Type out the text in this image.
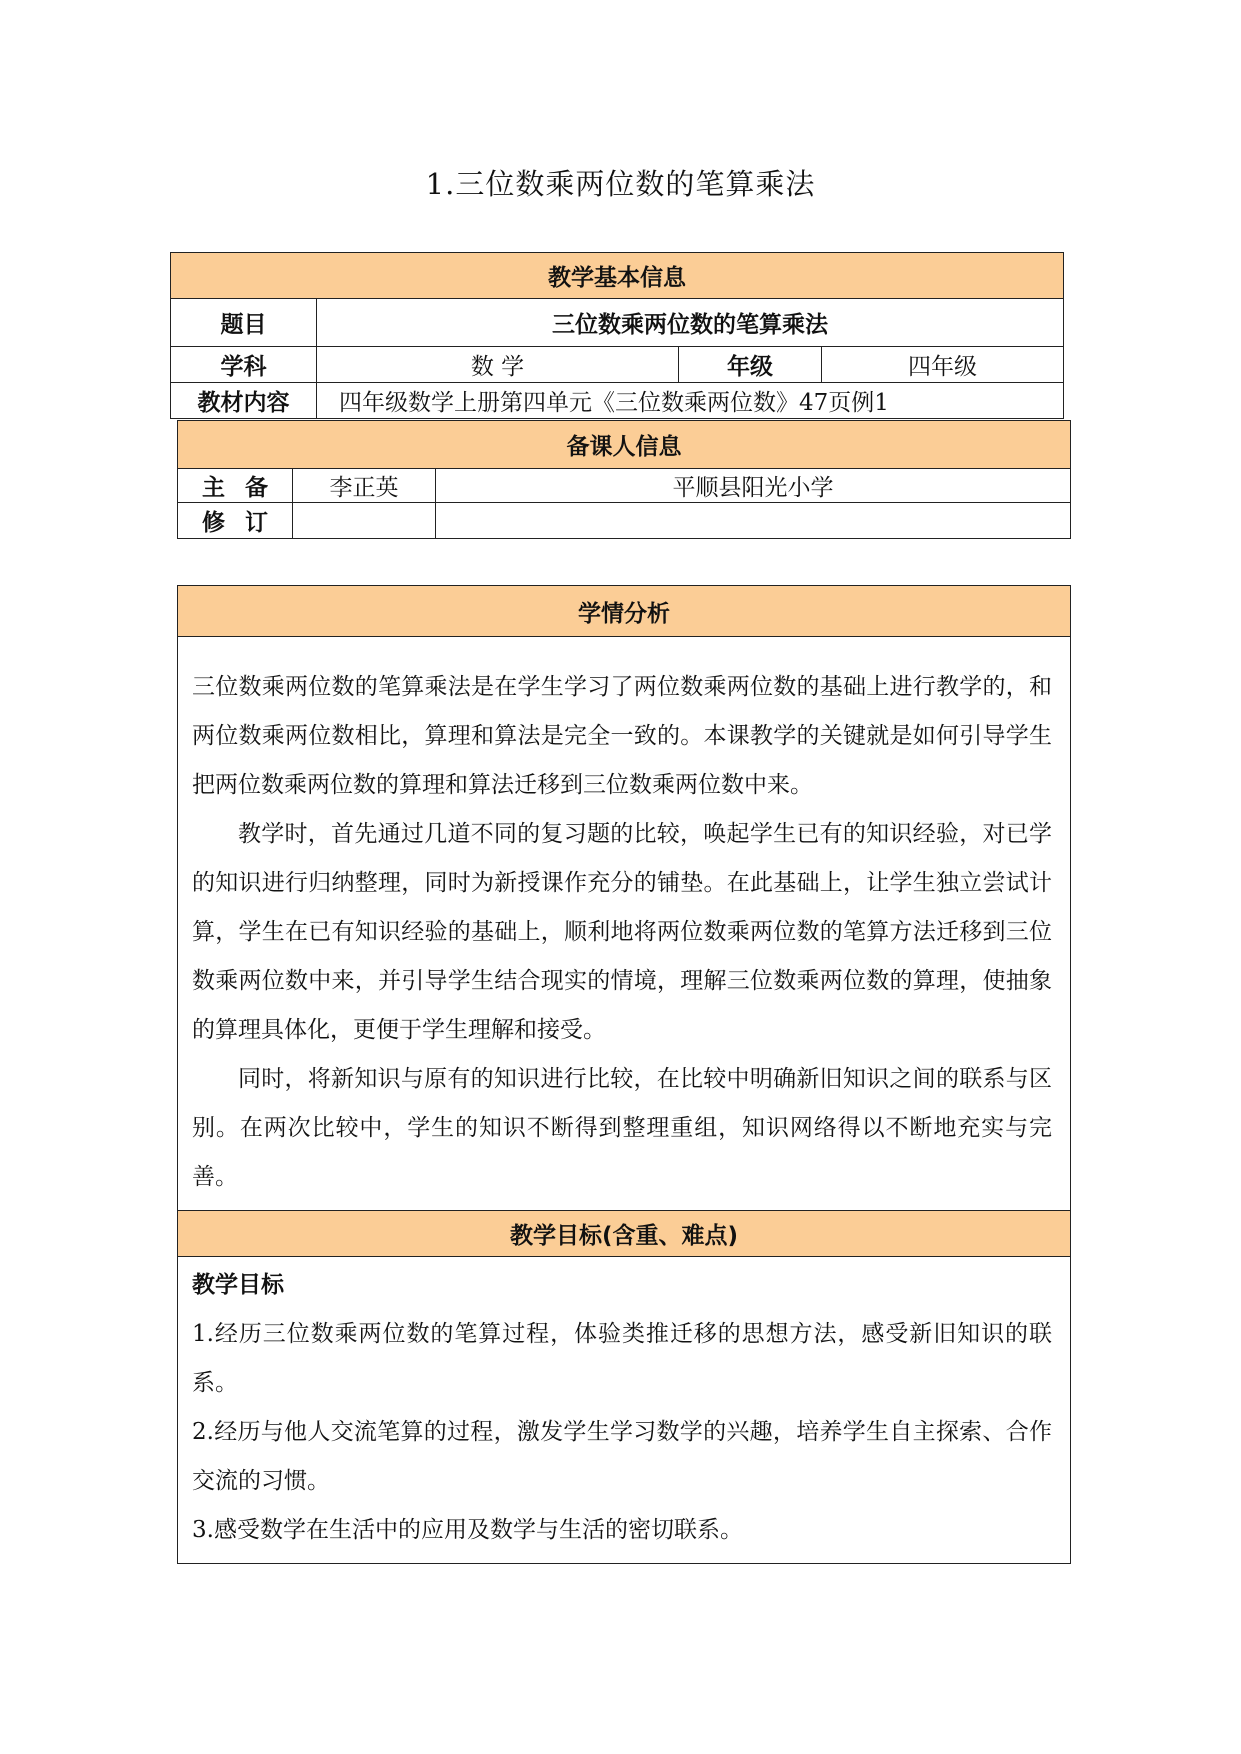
1.三位数乘两位数的笔算乘法
教学基本信息			
题目	三位数乘两位数的笔算乘法		
学科	数 学	年级	四年级
教材内容	四年级数学上册第四单元《三位数乘两位数》47页例1		
备课人信息		
主 备	李正英	平顺县阳光小学
修 订		
学情分析

三位数乘两位数的笔算乘法是在学生学习了两位数乘两位数的基础上进行教学的，和两位数乘两位数相比，算理和算法是完全一致的。本课教学的关键就是如何引导学生把两位数乘两位数的算理和算法迁移到三位数乘两位数中来。

教学时，首先通过几道不同的复习题的比较，唤起学生已有的知识经验，对已学的知识进行归纳整理，同时为新授课作充分的铺垫。在此基础上，让学生独立尝试计算，学生在已有知识经验的基础上，顺利地将两位数乘两位数的笔算方法迁移到三位数乘两位数中来，并引导学生结合现实的情境，理解三位数乘两位数的算理，使抽象的算理具体化，更便于学生理解和接受。

同时，将新知识与原有的知识进行比较，在比较中明确新旧知识之间的联系与区别。在两次比较中，学生的知识不断得到整理重组，知识网络得以不断地充实与完善。

教学目标(含重、难点)

教学目标

1.经历三位数乘两位数的笔算过程，体验类推迁移的思想方法，感受新旧知识的联系。

2.经历与他人交流笔算的过程，激发学生学习数学的兴趣，培养学生自主探索、合作交流的习惯。

3.感受数学在生活中的应用及数学与生活的密切联系。
